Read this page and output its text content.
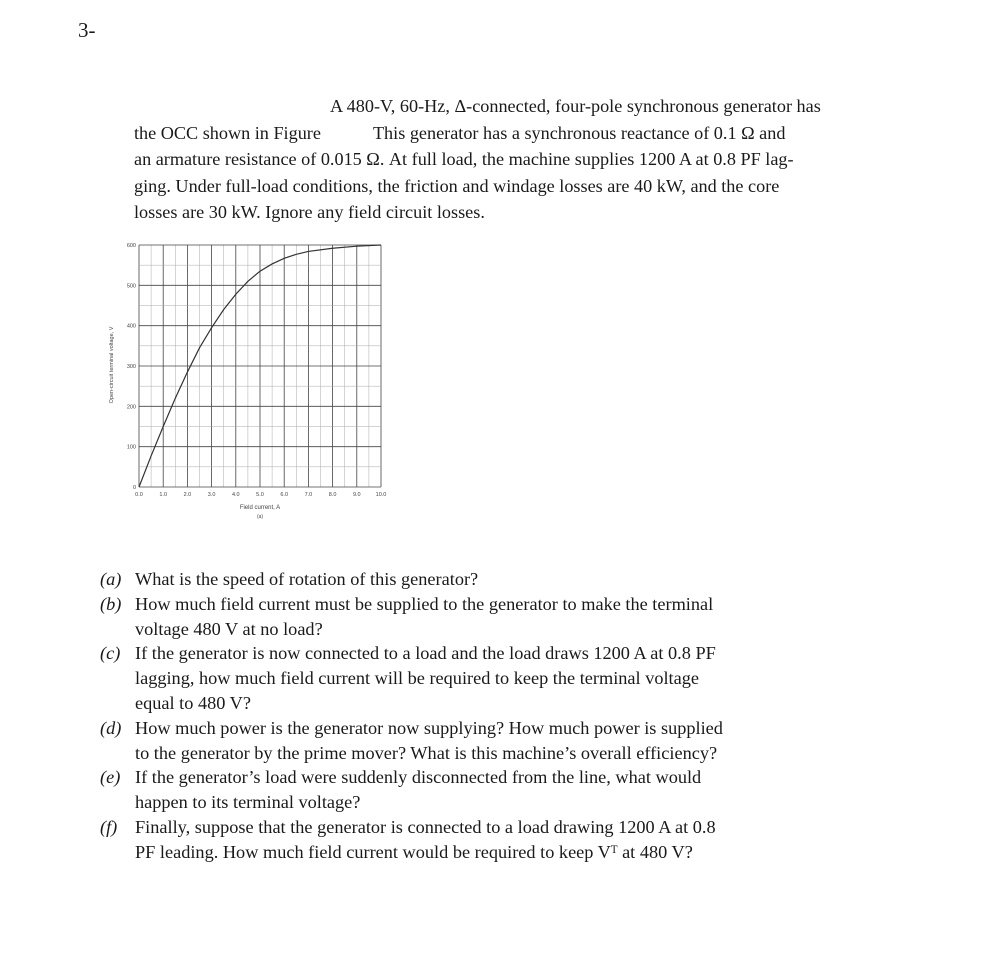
3-
A 480-V, 60-Hz, Δ-connected, four-pole synchronous generator has
the OCC shown in Figure	This generator has a synchronous reactance of 0.1 Ω and
an armature resistance of 0.015 Ω. At full load, the machine supplies 1200 A at 0.8 PF lag-
ging. Under full-load conditions, the friction and windage losses are 40 kW, and the core
losses are 30 kW. Ignore any field circuit losses.
0.0	1.0	2.0	3.0	4.0	5.0	6.0	7.0	8.0	9.0	10.0
0
100
200
300
400
500
600
Field current, A
(a)
Open-circuit terminal voltage, V
(a) What is the speed of rotation of this generator?
(b) How much field current must be supplied to the generator to make the terminal
voltage 480 V at no load?
(c) If the generator is now connected to a load and the load draws 1200 A at 0.8 PF
lagging, how much field current will be required to keep the terminal voltage
equal to 480 V?
(d) How much power is the generator now supplying? How much power is supplied
to the generator by the prime mover? What is this machine’s overall efficiency?
(e) If the generator’s load were suddenly disconnected from the line, what would
happen to its terminal voltage?
(f) Finally, suppose that the generator is connected to a load drawing 1200 A at 0.8
PF leading. How much field current would be required to keep Vᵀ at 480 V?
